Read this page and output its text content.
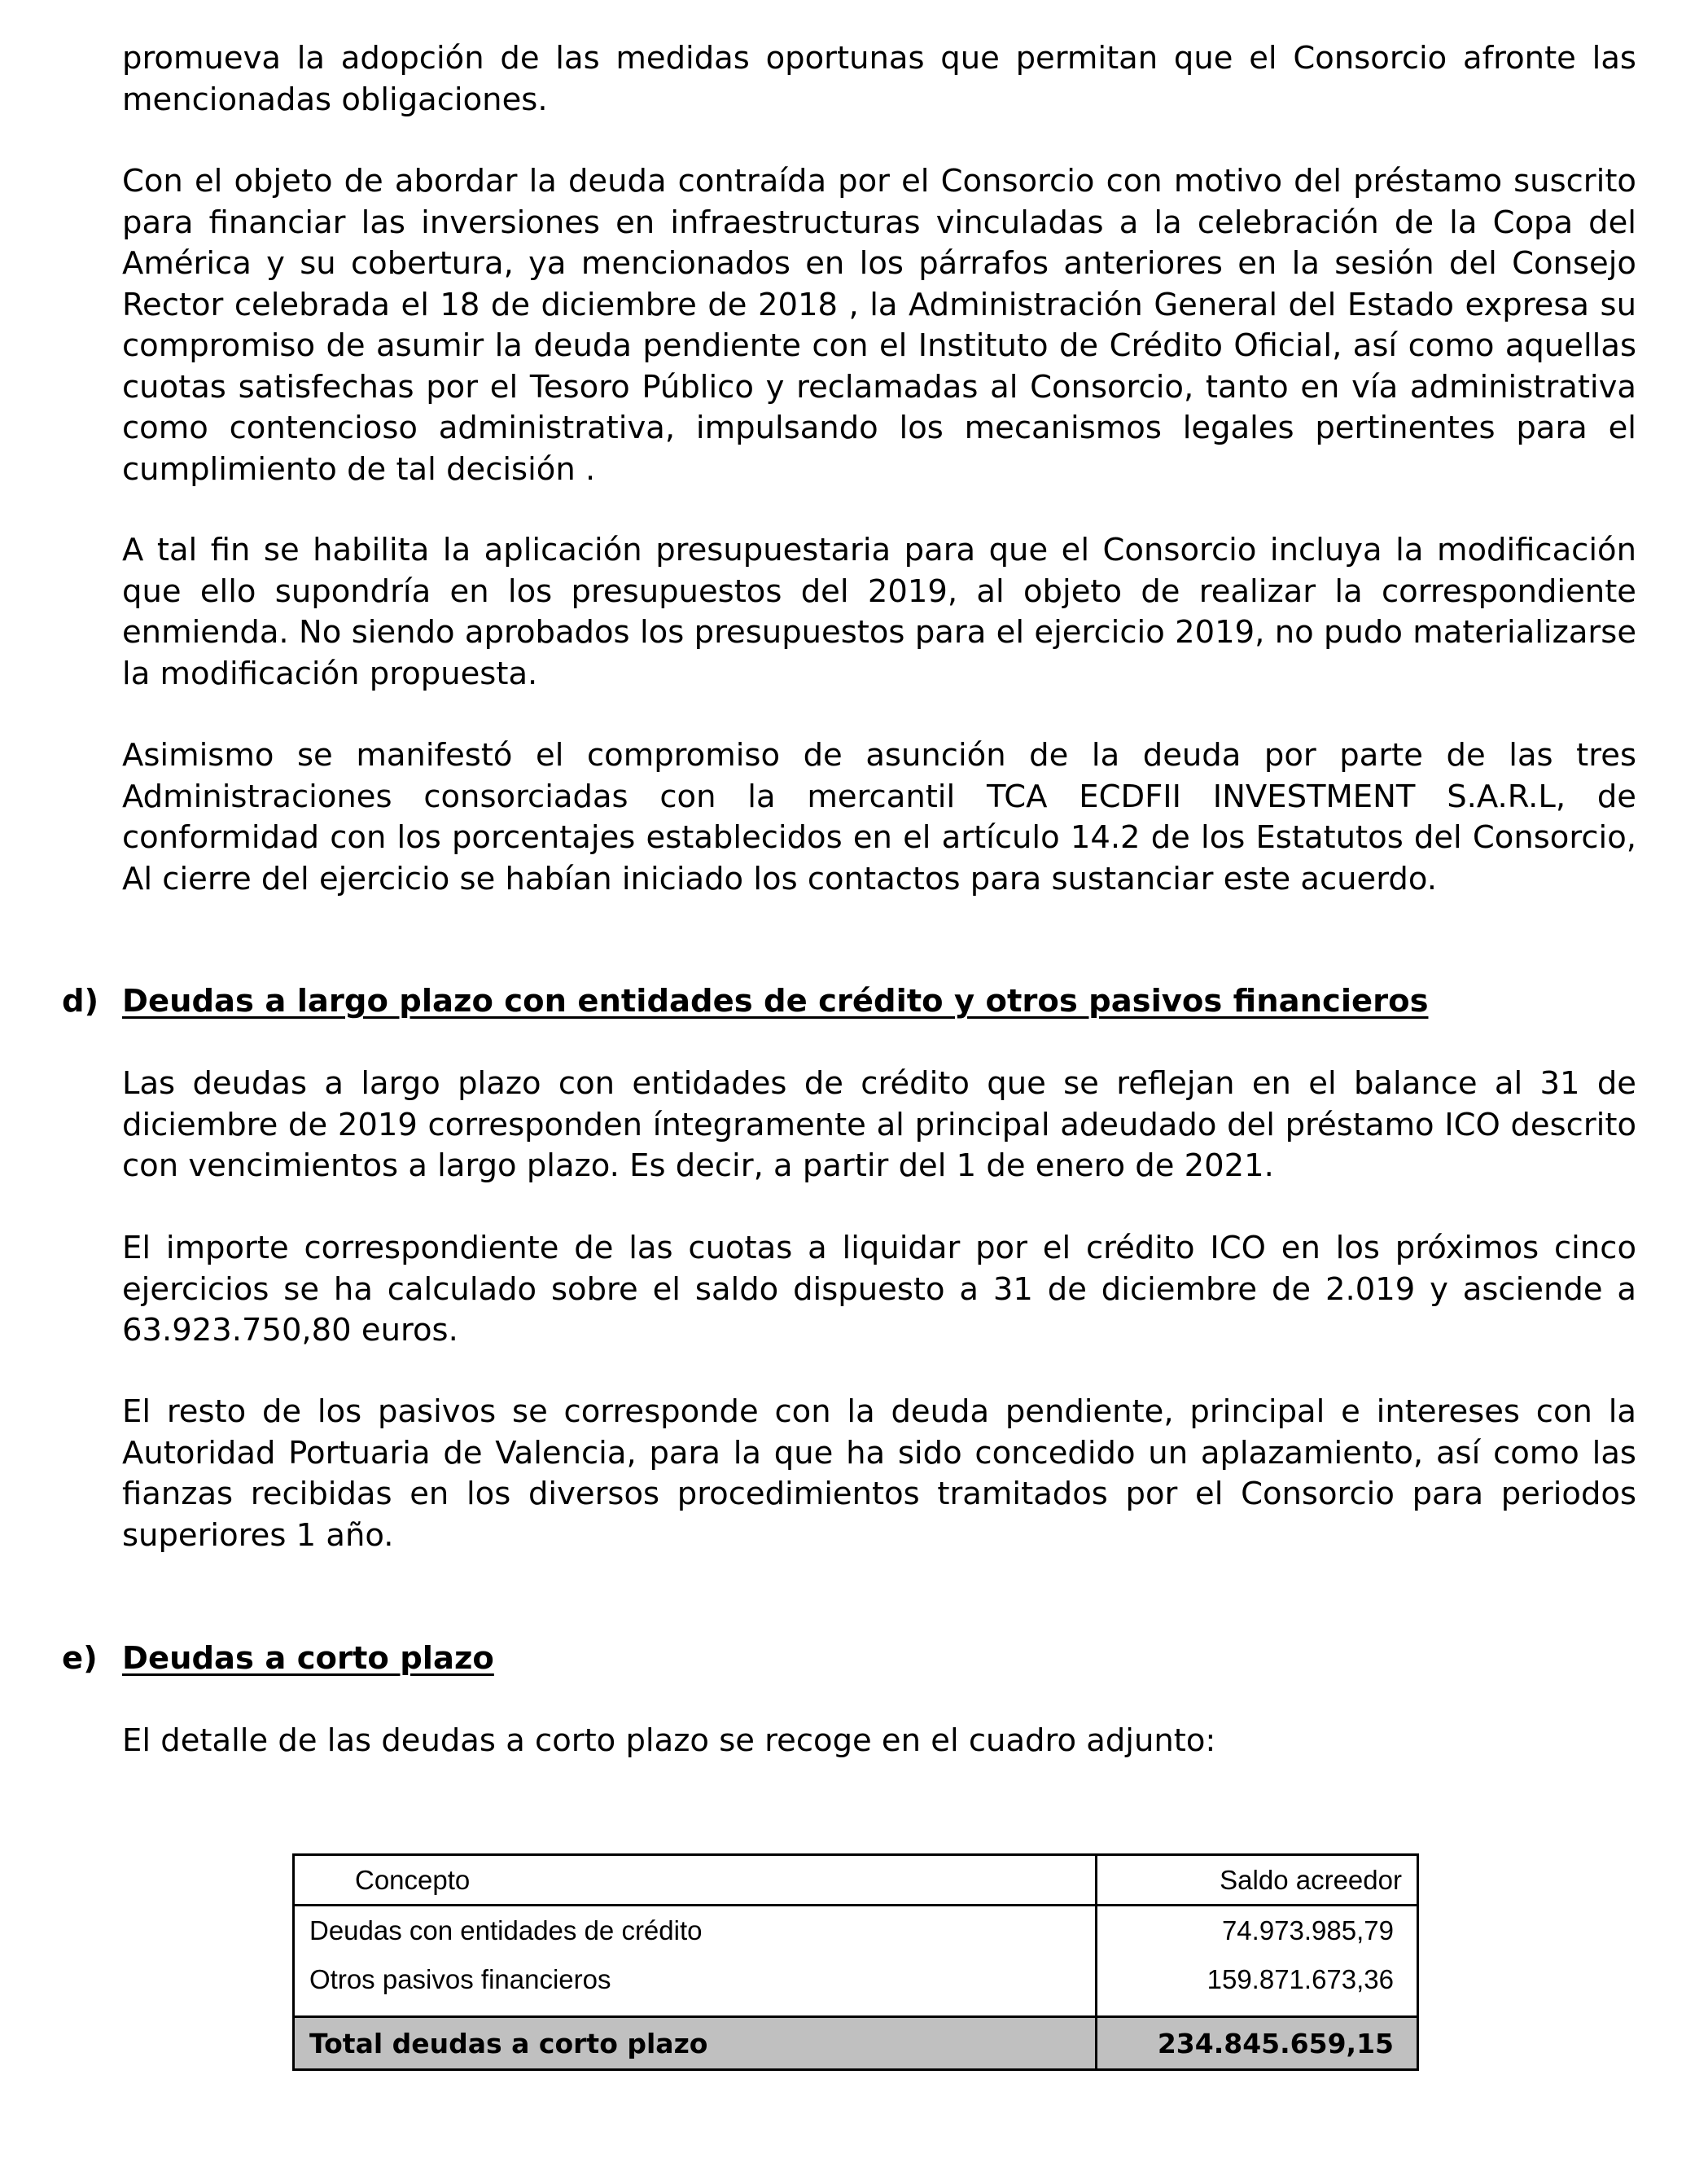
promueva la adopción de las medidas oportunas que permitan que el Consorcio afronte las mencionadas obligaciones.

Con el objeto de abordar la deuda contraída por el Consorcio con motivo del préstamo suscrito para financiar las inversiones en infraestructuras vinculadas a la celebración de la Copa del América y su cobertura, ya mencionados en los párrafos anteriores en la sesión del Consejo Rector celebrada el 18 de diciembre de 2018 , la Administración General del Estado expresa su compromiso de asumir la deuda pendiente con el Instituto de Crédito Oficial, así como aquellas cuotas satisfechas por el Tesoro Público y reclamadas al Consorcio, tanto en vía administrativa como contencioso administrativa, impulsando los mecanismos legales pertinentes para el cumplimiento de tal decisión .

A tal fin se habilita la aplicación presupuestaria para que el Consorcio incluya la modificación que ello supondría en los presupuestos del 2019, al objeto de realizar la correspondiente enmienda. No siendo aprobados los presupuestos para el ejercicio 2019, no pudo materializarse la modificación propuesta.

Asimismo se manifestó el compromiso de asunción de la deuda por parte de las tres Administraciones consorciadas con la mercantil TCA ECDFII INVESTMENT S.A.R.L, de conformidad con los porcentajes establecidos en el artículo 14.2 de los Estatutos del Consorcio, Al cierre del ejercicio se habían iniciado los contactos para sustanciar este acuerdo.

d) Deudas a largo plazo con entidades de crédito y otros pasivos financieros

Las deudas a largo plazo con entidades de crédito que se reflejan en el balance al 31 de diciembre de 2019 corresponden íntegramente al principal adeudado del préstamo ICO descrito con vencimientos a largo plazo. Es decir, a partir del 1 de enero de 2021.

El importe correspondiente de las cuotas a liquidar por el crédito ICO en los próximos cinco ejercicios se ha calculado sobre el saldo dispuesto a 31 de diciembre de 2.019 y asciende a 63.923.750,80 euros.

El resto de los pasivos se corresponde con la deuda pendiente, principal e intereses con la Autoridad Portuaria de Valencia, para la que ha sido concedido un aplazamiento, así como las fianzas recibidas en los diversos procedimientos tramitados por el Consorcio para periodos superiores 1 año.

e) Deudas a corto plazo

El detalle de las deudas a corto plazo se recoge en el cuadro adjunto:

Concepto	Saldo acreedor
Deudas con entidades de crédito	74.973.985,79
Otros pasivos financieros	159.871.673,36

Total deudas a corto plazo	234.845.659,15
